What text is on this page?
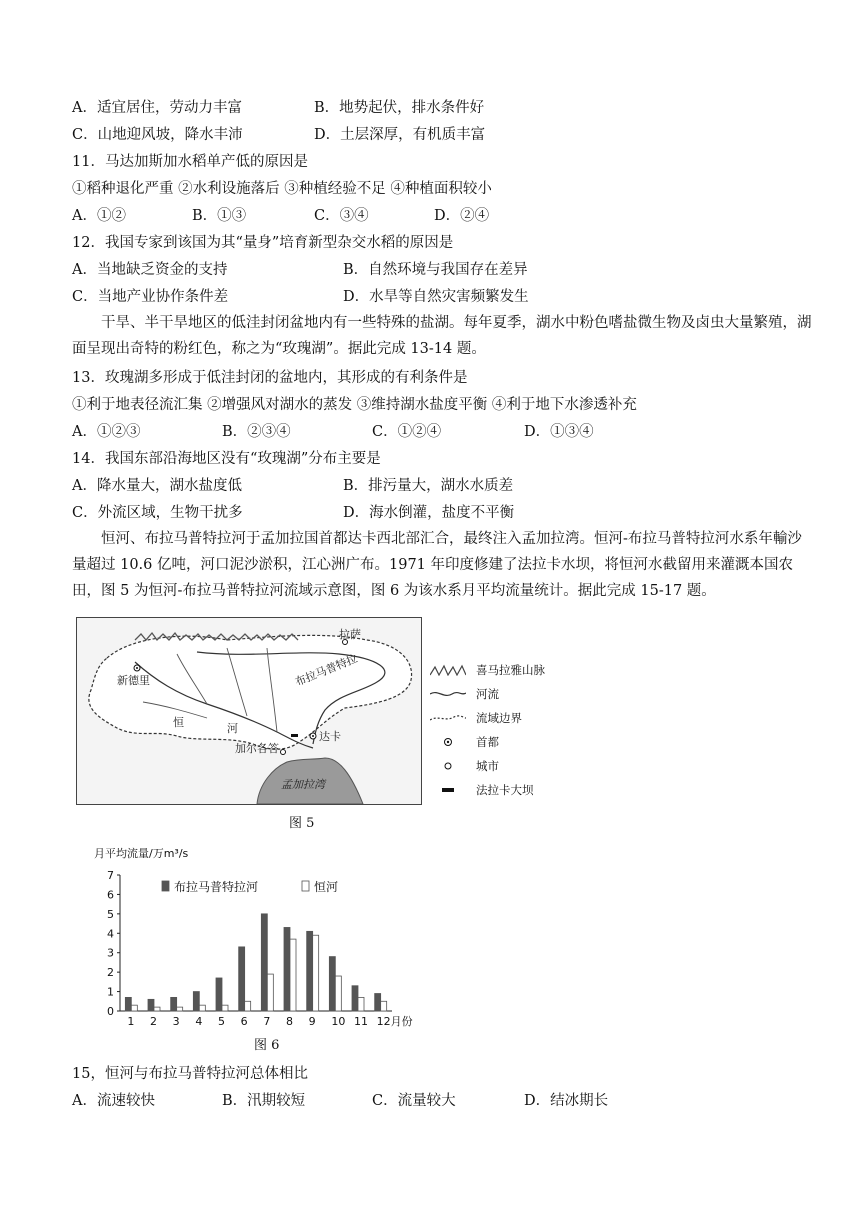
A．适宜居住，劳动力丰富	B．地势起伏，排水条件好
C．山地迎风坡，降水丰沛	D．土层深厚，有机质丰富
11．马达加斯加水稻单产低的原因是
①稻种退化严重 ②水利设施落后 ③种植经验不足 ④种植面积较小
A．①②	B．①③	C．③④	D．②④
12．我国专家到该国为其“量身”培育新型杂交水稻的原因是
A．当地缺乏资金的支持	B．自然环境与我国存在差异
C．当地产业协作条件差	D．水旱等自然灾害频繁发生
干旱、半干旱地区的低洼封闭盆地内有一些特殊的盐湖。每年夏季，湖水中粉色嗜盐微生物及卤虫大量繁殖，湖面呈现出奇特的粉红色，称之为“玫瑰湖”。据此完成 13-14 题。
13．玫瑰湖多形成于低洼封闭的盆地内，其形成的有利条件是
①利于地表径流汇集 ②增强风对湖水的蒸发 ③维持湖水盐度平衡 ④利于地下水渗透补充
A．①②③	B．②③④	C．①②④	D．①③④
14．我国东部沿海地区没有“玫瑰湖”分布主要是
A．降水量大，湖水盐度低	B．排污量大，湖水水质差
C．外流区域，生物干扰多	D．海水倒灌，盐度不平衡
恒河、布拉马普特拉河于孟加拉国首都达卡西北部汇合，最终注入孟加拉湾。恒河-布拉马普特拉河水系年輸沙量超过 10.6 亿吨，河口泥沙淤积，江心洲广布。1971 年印度修建了法拉卡水坝，将恒河水截留用来灌溉本国农田，图 5 为恒河-布拉马普特拉河流域示意图，图 6 为该水系月平均流量统计。据此完成 15-17 题。
拉萨
新德里	布拉马普特拉
恒	河
加尔各答
达卡
孟加拉湾
喜马拉雅山脉
河流
流域边界
首都
城市
法拉卡大坝
图 5
月平均流量/万m³/s
0
1
2
3
4
5
6
7
1 2 3 4 5 6 7 8 9 10 11 12月份
布拉马普特拉河	恒河
图 6
15，恒河与布拉马普特拉河总体相比
A．流速较快	B．汛期较短	C．流量较大	D．结冰期长
